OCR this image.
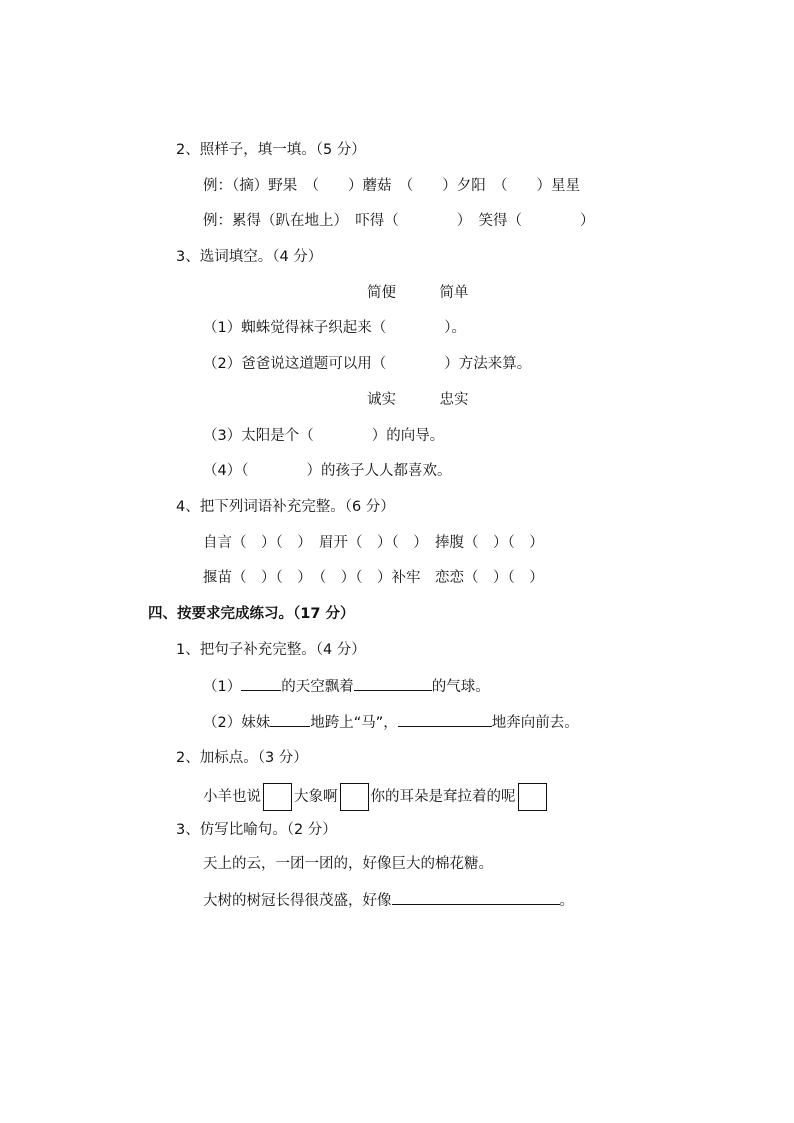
2、照样子，填一填。（5 分）
例：（摘）野果　（　　）蘑菇　（　　）夕阳　（　　）星星
例：累得（趴在地上）　吓得（　　　　）　笑得（　　　　）
3、选词填空。（4 分）
简便　　　简单
（1）蜘蛛觉得袜子织起来（　　　　）。
（2）爸爸说这道题可以用（　　　　）方法来算。
诚实　　　忠实
（3）太阳是个（　　　　）的向导。
（4）（　　　　）的孩子人人都喜欢。
4、把下列词语补充完整。（6 分）
自言（　）（　）　眉开（　）（　）　捧腹（　）（　）
揠苗（　）（　）　（　）（　）补牢　恋恋（　）（　）
四、按要求完成练习。（17 分）
1、把句子补充完整。（4 分）
（1）	的天空飘着	的气球。
（2）妹妹	地跨上“马”，	地奔向前去。
2、加标点。（3 分）
小羊也说 大象啊 你的耳朵是耷拉着的呢
3、仿写比喻句。（2 分）
天上的云，一团一团的，好像巨大的棉花糖。
大树的树冠长得很茂盛，好像	。
